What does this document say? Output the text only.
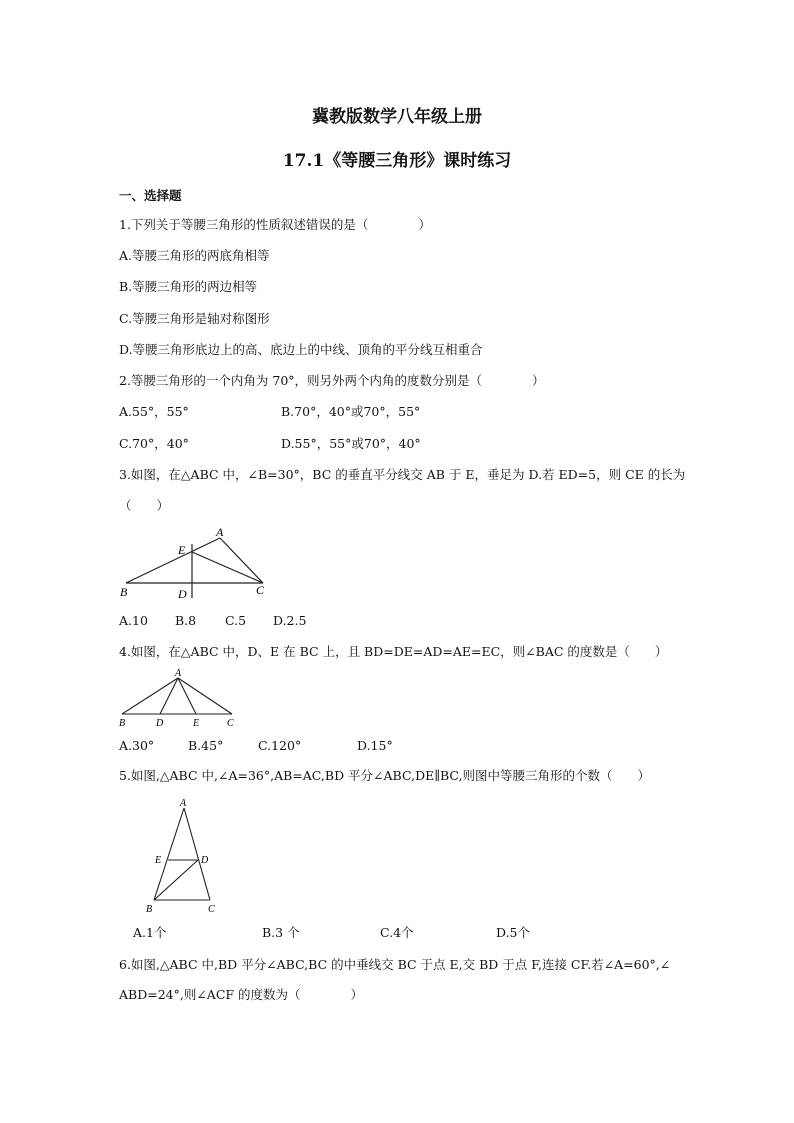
冀教版数学八年级上册
17.1《等腰三角形》课时练习
一、选择题
1.下列关于等腰三角形的性质叙述错误的是（　　　　）
A.等腰三角形的两底角相等
B.等腰三角形的两边相等
C.等腰三角形是轴对称图形
D.等腰三角形底边上的高、底边上的中线、顶角的平分线互相重合
2.等腰三角形的一个内角为 70°，则另外两个内角的度数分别是（　　　　）
A.55°，55°	B.70°，40°或70°，55°
C.70°，40°	D.55°，55°或70°，40°
3.如图，在△ABC 中，∠B=30°，BC 的垂直平分线交 AB 于 E，垂足为 D.若 ED=5，则 CE 的长为
（　　）
A
B	C
D
E
A.10 B.8 C.5 D.2.5
4.如图，在△ABC 中，D、E 在 BC 上，且 BD=DE=AD=AE=EC，则∠BAC 的度数是（　　）
A
B	D	E	C
A.30°	B.45°	C.120°	D.15°
5.如图,△ABC 中,∠A=36°,AB=AC,BD 平分∠ABC,DE∥BC,则图中等腰三角形的个数（　　）
A
E	D
B	C
A.1个	B.3 个	C.4个	D.5个
6.如图,△ABC 中,BD 平分∠ABC,BC 的中垂线交 BC 于点 E,交 BD 于点 F,连接 CF.若∠A=60°,∠
ABD=24°,则∠ACF 的度数为（　　　　）
